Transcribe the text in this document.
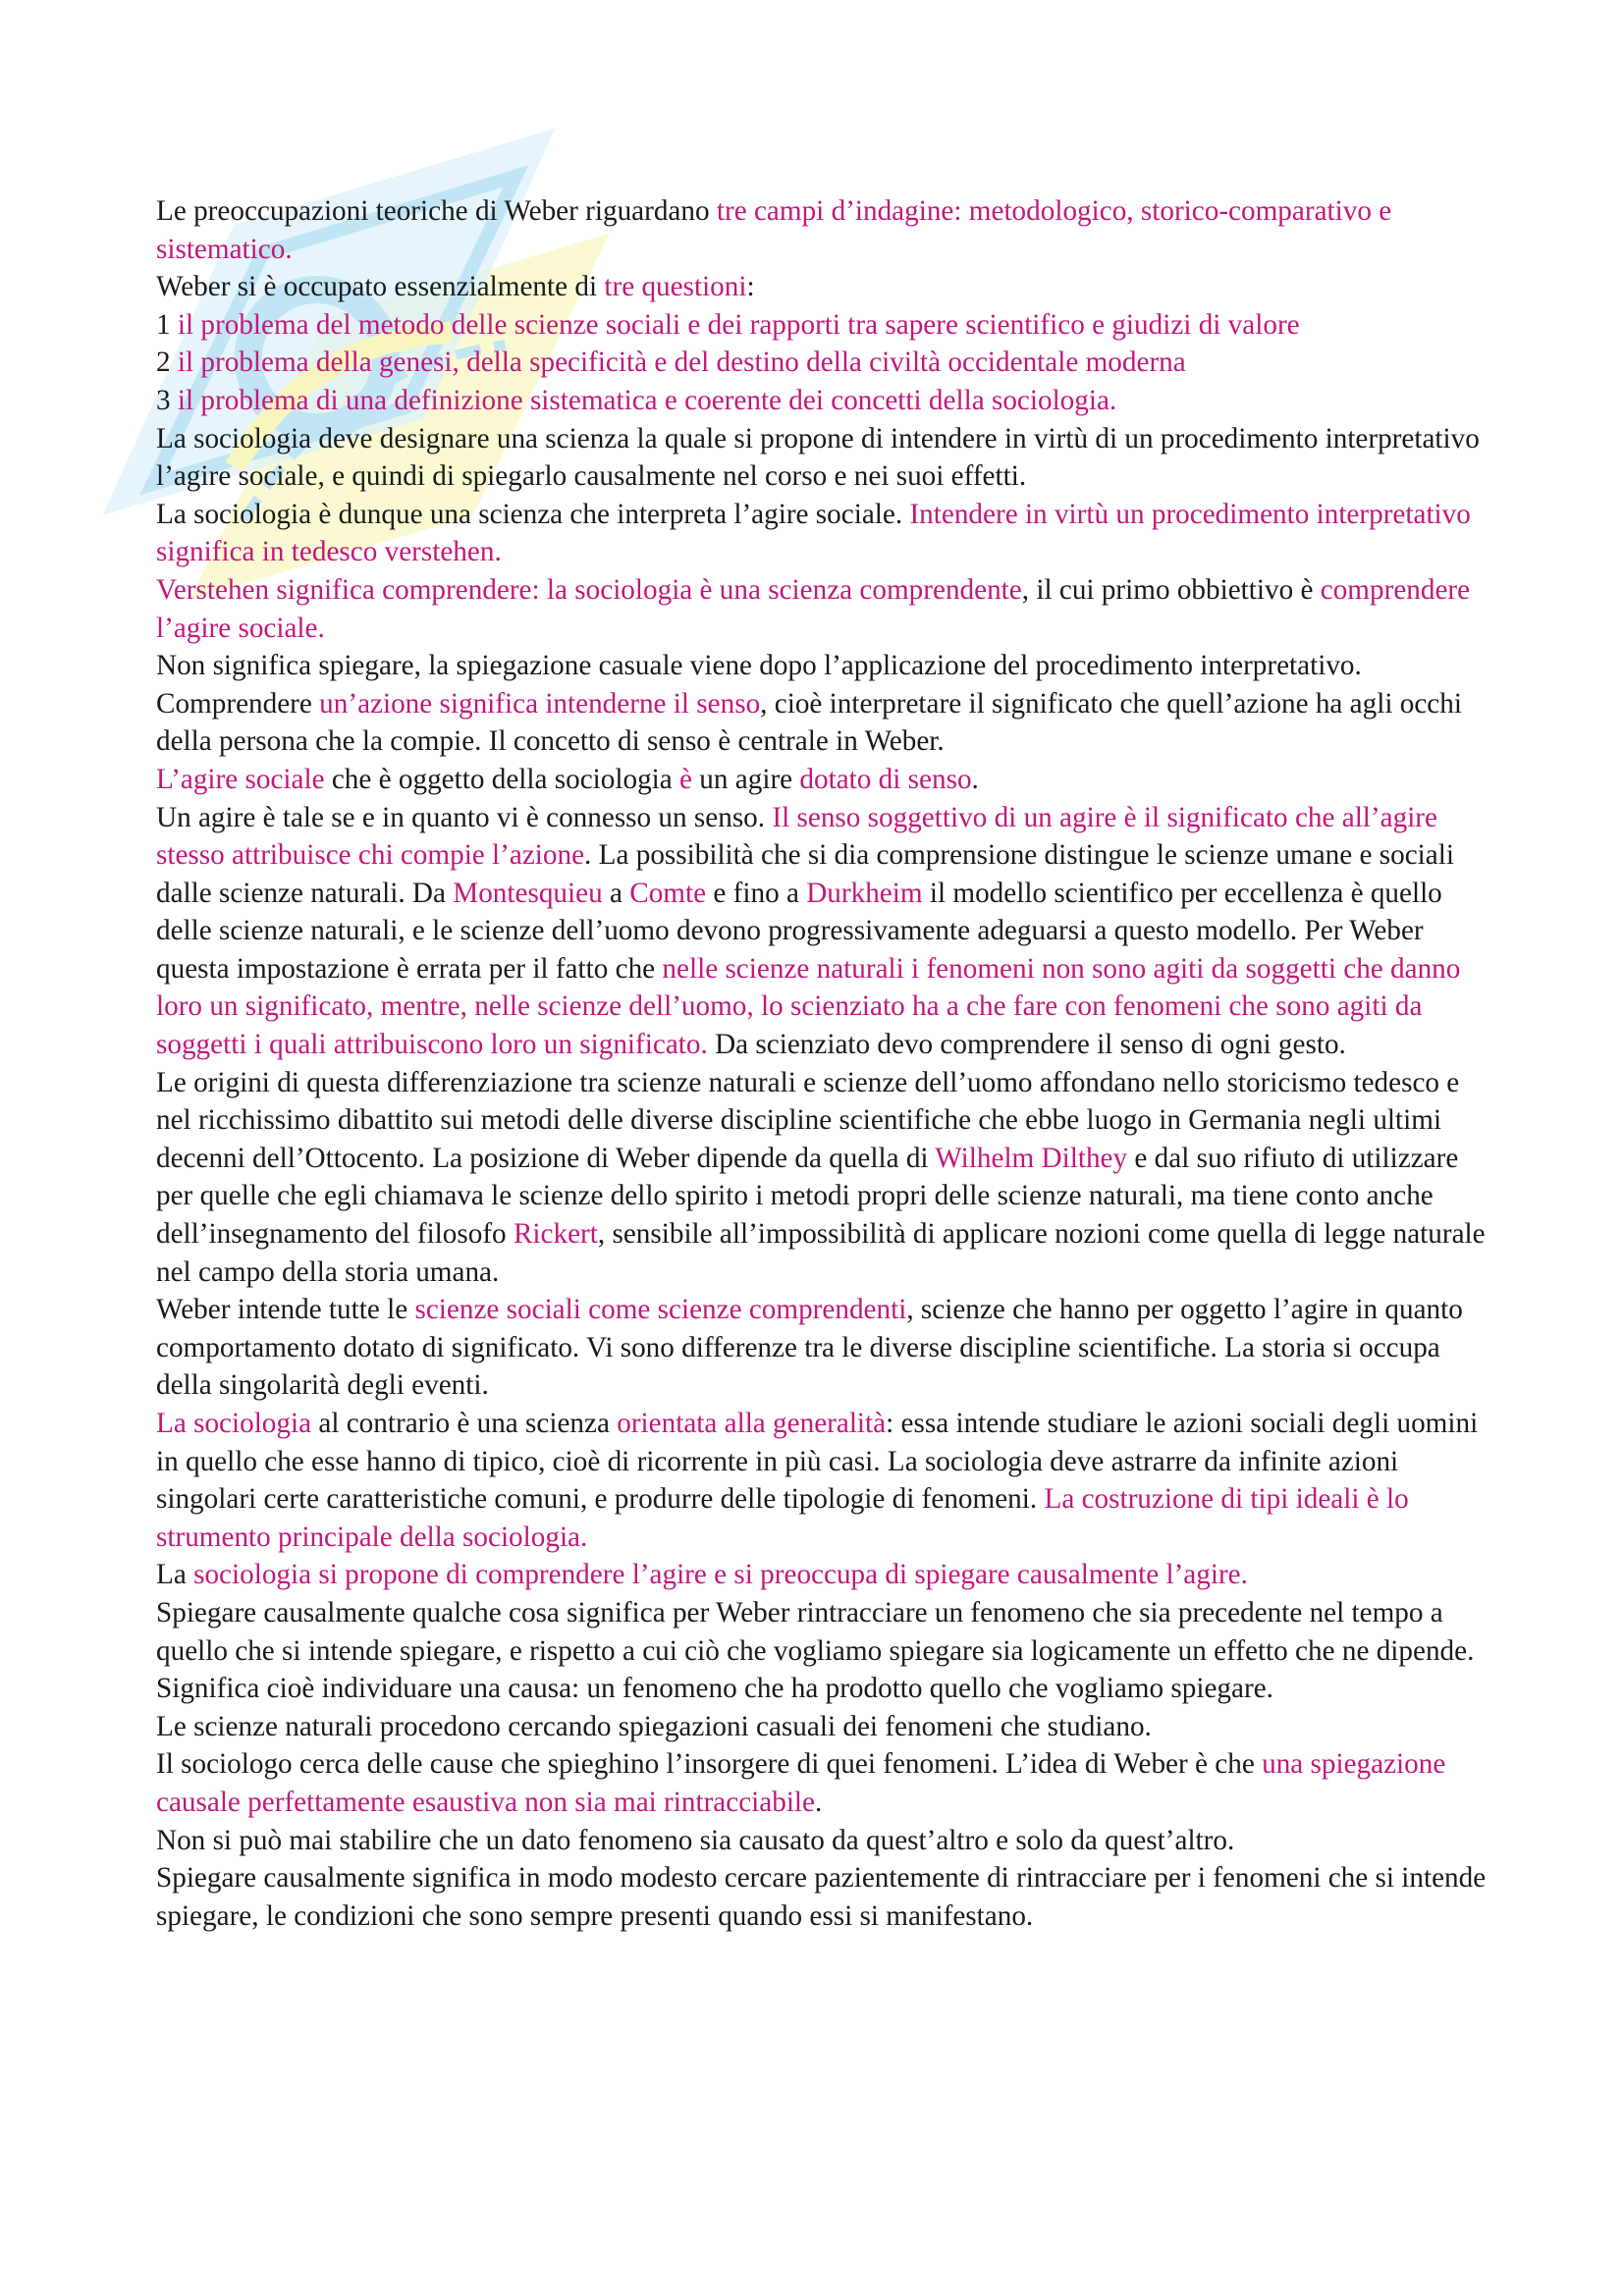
Le preoccupazioni teoriche di Weber riguardano tre campi d’indagine: metodologico, storico-comparativo e sistematico.

Weber si è occupato essenzialmente di tre questioni:

1 il problema del metodo delle scienze sociali e dei rapporti tra sapere scientifico e giudizi di valore

2 il problema della genesi, della specificità e del destino della civiltà occidentale moderna

3 il problema di una definizione sistematica e coerente dei concetti della sociologia.

La sociologia deve designare una scienza la quale si propone di intendere in virtù di un procedimento interpretativo l’agire sociale, e quindi di spiegarlo causalmente nel corso e nei suoi effetti.

La sociologia è dunque una scienza che interpreta l’agire sociale. Intendere in virtù un procedimento interpretativo significa in tedesco verstehen.

Verstehen significa comprendere: la sociologia è una scienza comprendente, il cui primo obbiettivo è comprendere l’agire sociale.

Non significa spiegare, la spiegazione casuale viene dopo l’applicazione del procedimento interpretativo. Comprendere un’azione significa intenderne il senso, cioè interpretare il significato che quell’azione ha agli occhi della persona che la compie. Il concetto di senso è centrale in Weber.

L’agire sociale che è oggetto della sociologia è un agire dotato di senso.

Un agire è tale se e in quanto vi è connesso un senso. Il senso soggettivo di un agire è il significato che all’agire stesso attribuisce chi compie l’azione. La possibilità che si dia comprensione distingue le scienze umane e sociali dalle scienze naturali. Da Montesquieu a Comte e fino a Durkheim il modello scientifico per eccellenza è quello delle scienze naturali, e le scienze dell’uomo devono progressivamente adeguarsi a questo modello. Per Weber questa impostazione è errata per il fatto che nelle scienze naturali i fenomeni non sono agiti da soggetti che danno loro un significato, mentre, nelle scienze dell’uomo, lo scienziato ha a che fare con fenomeni che sono agiti da soggetti i quali attribuiscono loro un significato. Da scienziato devo comprendere il senso di ogni gesto.

Le origini di questa differenziazione tra scienze naturali e scienze dell’uomo affondano nello storicismo tedesco e nel ricchissimo dibattito sui metodi delle diverse discipline scientifiche che ebbe luogo in Germania negli ultimi decenni dell’Ottocento. La posizione di Weber dipende da quella di Wilhelm Dilthey e dal suo rifiuto di utilizzare per quelle che egli chiamava le scienze dello spirito i metodi propri delle scienze naturali, ma tiene conto anche dell’insegnamento del filosofo Rickert, sensibile all’impossibilità di applicare nozioni come quella di legge naturale nel campo della storia umana.

Weber intende tutte le scienze sociali come scienze comprendenti, scienze che hanno per oggetto l’agire in quanto comportamento dotato di significato. Vi sono differenze tra le diverse discipline scientifiche. La storia si occupa della singolarità degli eventi.

La sociologia al contrario è una scienza orientata alla generalità: essa intende studiare le azioni sociali degli uomini in quello che esse hanno di tipico, cioè di ricorrente in più casi. La sociologia deve astrarre da infinite azioni singolari certe caratteristiche comuni, e produrre delle tipologie di fenomeni. La costruzione di tipi ideali è lo strumento principale della sociologia.

La sociologia si propone di comprendere l’agire e si preoccupa di spiegare causalmente l’agire.

Spiegare causalmente qualche cosa significa per Weber rintracciare un fenomeno che sia precedente nel tempo a quello che si intende spiegare, e rispetto a cui ciò che vogliamo spiegare sia logicamente un effetto che ne dipende. Significa cioè individuare una causa: un fenomeno che ha prodotto quello che vogliamo spiegare.

Le scienze naturali procedono cercando spiegazioni casuali dei fenomeni che studiano.

Il sociologo cerca delle cause che spieghino l’insorgere di quei fenomeni. L’idea di Weber è che una spiegazione causale perfettamente esaustiva non sia mai rintracciabile.

Non si può mai stabilire che un dato fenomeno sia causato da quest’altro e solo da quest’altro.

Spiegare causalmente significa in modo modesto cercare pazientemente di rintracciare per i fenomeni che si intende spiegare, le condizioni che sono sempre presenti quando essi si manifestano.
